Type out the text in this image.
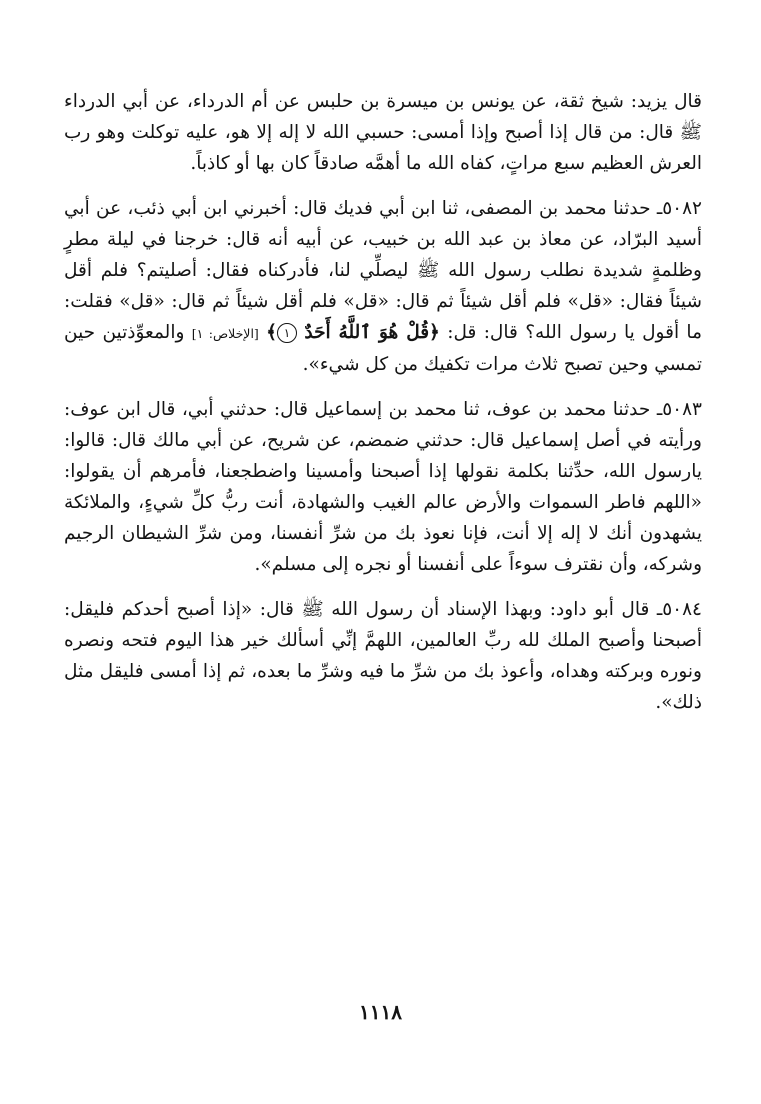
قال يزيد: شيخ ثقة، عن يونس بن ميسرة بن حلبس عن أم الدرداء، عن أبي الدرداء ﷺ قال: من قال إذا أصبح وإذا أمسى: حسبي الله لا إله إلا هو، عليه توكلت وهو رب العرش العظيم سبع مراتٍ، كفاه الله ما أهمَّه صادقاً كان بها أو كاذباً.

٥٠٨٢ـ حدثنا محمد بن المصفى، ثنا ابن أبي فديك قال: أخبرني ابن أبي ذئب، عن أبي أسيد البرّاد، عن معاذ بن عبد الله بن خبيب، عن أبيه أنه قال: خرجنا في ليلة مطرٍ وظلمةٍ شديدة نطلب رسول الله ﷺ ليصلِّي لنا، فأدركناه فقال: أصليتم؟ فلم أقل شيئاً فقال: «قل» فلم أقل شيئاً ثم قال: «قل» فلم أقل شيئاً ثم قال: «قل» فقلت: ما أقول يا رسول الله؟ قال: قل: ﴿قُلْ هُوَ ٱللَّهُ أَحَدٌ ١﴾ [الإخلاص: ١] والمعوِّذتين حين تمسي وحين تصبح ثلاث مرات تكفيك من كل شيء».

٥٠٨٣ـ حدثنا محمد بن عوف، ثنا محمد بن إسماعيل قال: حدثني أبي، قال ابن عوف: ورأيته في أصل إسماعيل قال: حدثني ضمضم، عن شريح، عن أبي مالك قال: قالوا: يارسول الله، حدِّثنا بكلمة نقولها إذا أصبحنا وأمسينا واضطجعنا، فأمرهم أن يقولوا: «اللهم فاطر السموات والأرض عالم الغيب والشهادة، أنت ربُّ كلِّ شيءٍ، والملائكة يشهدون أنك لا إله إلا أنت، فإنا نعوذ بك من شرِّ أنفسنا، ومن شرِّ الشيطان الرجيم وشركه، وأن نقترف سوءاً على أنفسنا أو نجره إلى مسلم».

٥٠٨٤ـ قال أبو داود: وبهذا الإسناد أن رسول الله ﷺ قال: «إذا أصبح أحدكم فليقل: أصبحنا وأصبح الملك لله ربِّ العالمين، اللهمَّ إنِّي أسألك خير هذا اليوم فتحه ونصره ونوره وبركته وهداه، وأعوذ بك من شرِّ ما فيه وشرِّ ما بعده، ثم إذا أمسى فليقل مثل ذلك».

١١١٨
